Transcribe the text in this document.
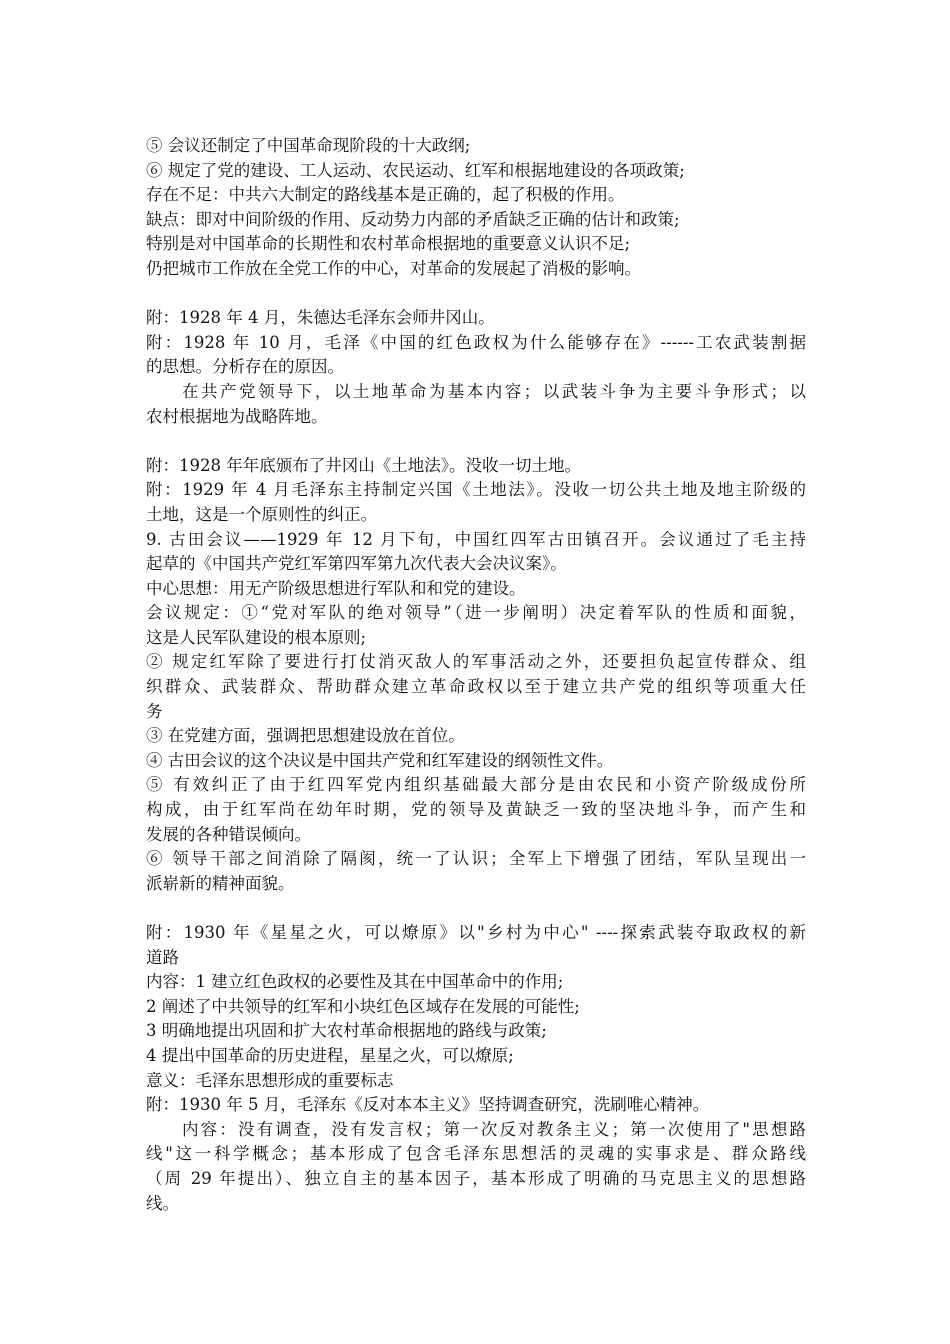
⑤ 会议还制定了中国革命现阶段的十大政纲;
⑥ 规定了党的建设、工人运动、农民运动、红军和根据地建设的各项政策;
存在不足：中共六大制定的路线基本是正确的，起了积极的作用。
缺点：即对中间阶级的作用、反动势力内部的矛盾缺乏正确的估计和政策;
特别是对中国革命的长期性和农村革命根据地的重要意义认识不足;
仍把城市工作放在全党工作的中心，对革命的发展起了消极的影响。
附：1928 年 4 月，朱德达毛泽东会师井冈山。
附：1928 年 10 月，毛泽《中国的红色政权为什么能够存在》------工农武装割据
的思想。分析存在的原因。
在共产党领导下，以土地革命为基本内容；以武装斗争为主要斗争形式；以
农村根据地为战略阵地。
附：1928 年年底颁布了井冈山《土地法》。没收一切土地。
附：1929 年 4 月毛泽东主持制定兴国《土地法》。没收一切公共土地及地主阶级的
土地，这是一个原则性的纠正。
9. 古田会议——1929 年 12 月下旬，中国红四军古田镇召开。会议通过了毛主持
起草的《中国共产党红军第四军第九次代表大会决议案》。
中心思想：用无产阶级思想进行军队和和党的建设。
会议规定：①“党对军队的绝对领导”（进一步阐明）决定着军队的性质和面貌，
这是人民军队建设的根本原则;
② 规定红军除了要进行打仗消灭敌人的军事活动之外，还要担负起宣传群众、组
织群众、武装群众、帮助群众建立革命政权以至于建立共产党的组织等项重大任
务
③ 在党建方面，强调把思想建设放在首位。
④ 古田会议的这个决议是中国共产党和红军建设的纲领性文件。
⑤ 有效纠正了由于红四军党内组织基础最大部分是由农民和小资产阶级成份所
构成，由于红军尚在幼年时期，党的领导及黄缺乏一致的坚决地斗争，而产生和
发展的各种错误倾向。
⑥ 领导干部之间消除了隔阂，统一了认识；全军上下增强了团结，军队呈现出一
派崭新的精神面貌。
附：1930 年《星星之火，可以燎原》以"乡村为中心" ----探索武装夺取政权的新
道路
内容：1 建立红色政权的必要性及其在中国革命中的作用;
2 阐述了中共领导的红军和小块红色区域存在发展的可能性;
3 明确地提出巩固和扩大农村革命根据地的路线与政策;
4 提出中国革命的历史进程，星星之火，可以燎原;
意义：毛泽东思想形成的重要标志
附：1930 年 5 月，毛泽东《反对本本主义》坚持调查研究，洗刷唯心精神。
内容：没有调查，没有发言权；第一次反对教条主义；第一次使用了"思想路
线"这一科学概念；基本形成了包含毛泽东思想活的灵魂的实事求是、群众路线
（周 29 年提出）、独立自主的基本因子，基本形成了明确的马克思主义的思想路
线。
